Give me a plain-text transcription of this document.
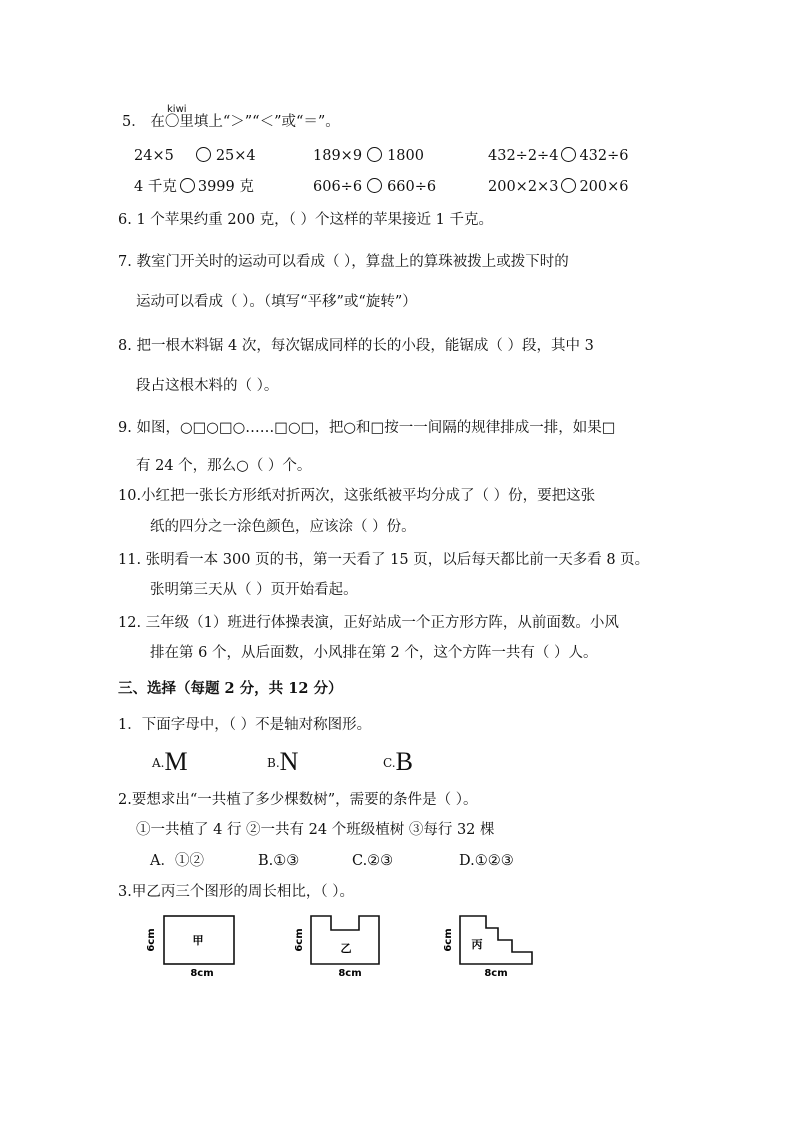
kiwi
5． 在〇里填上“＞”“＜”或“＝”。
24×5	25×4	189×9 1800	432÷2÷4 432÷6
4 千克 3999 克	606÷6 660÷6	200×2×3 200×6
6. 1 个苹果约重 200 克，（ ）个这样的苹果接近 1 千克。
7. 教室门开关时的运动可以看成（ ），算盘上的算珠被拨上或拨下时的
运动可以看成（ ）。（填写“平移”或“旋转”）
8. 把一根木料锯 4 次，每次锯成同样的长的小段，能锯成（ ）段，其中 3
段占这根木料的（ ）。
9. 如图，○□○□○……□○□，把○和□按一一间隔的规律排成一排，如果□
有 24 个，那么○（ ）个。
10.小红把一张长方形纸对折两次，这张纸被平均分成了（ ）份，要把这张
纸的四分之一涂色颜色，应该涂（ ）份。
11. 张明看一本 300 页的书，第一天看了 15 页，以后每天都比前一天多看 8 页。
张明第三天从（ ）页开始看起。
12. 三年级（1）班进行体操表演，正好站成一个正方形方阵，从前面数。小风
排在第 6 个，从后面数，小风排在第 2 个，这个方阵一共有（ ）人。
三、选择（每题 2 分，共 12 分）
1．下面字母中，（ ）不是轴对称图形。
A.M	B.N	C.B
2.要想求出“一共植了多少棵数树”，需要的条件是（ ）。
①一共植了 4 行 ②一共有 24 个班级植树 ③每行 32 棵
A．①②	B.①③	C.②③	D.①②③
3.甲乙丙三个图形的周长相比，（ ）。
甲
6cm
8cm
乙
6cm
8cm
丙
6cm
8cm
